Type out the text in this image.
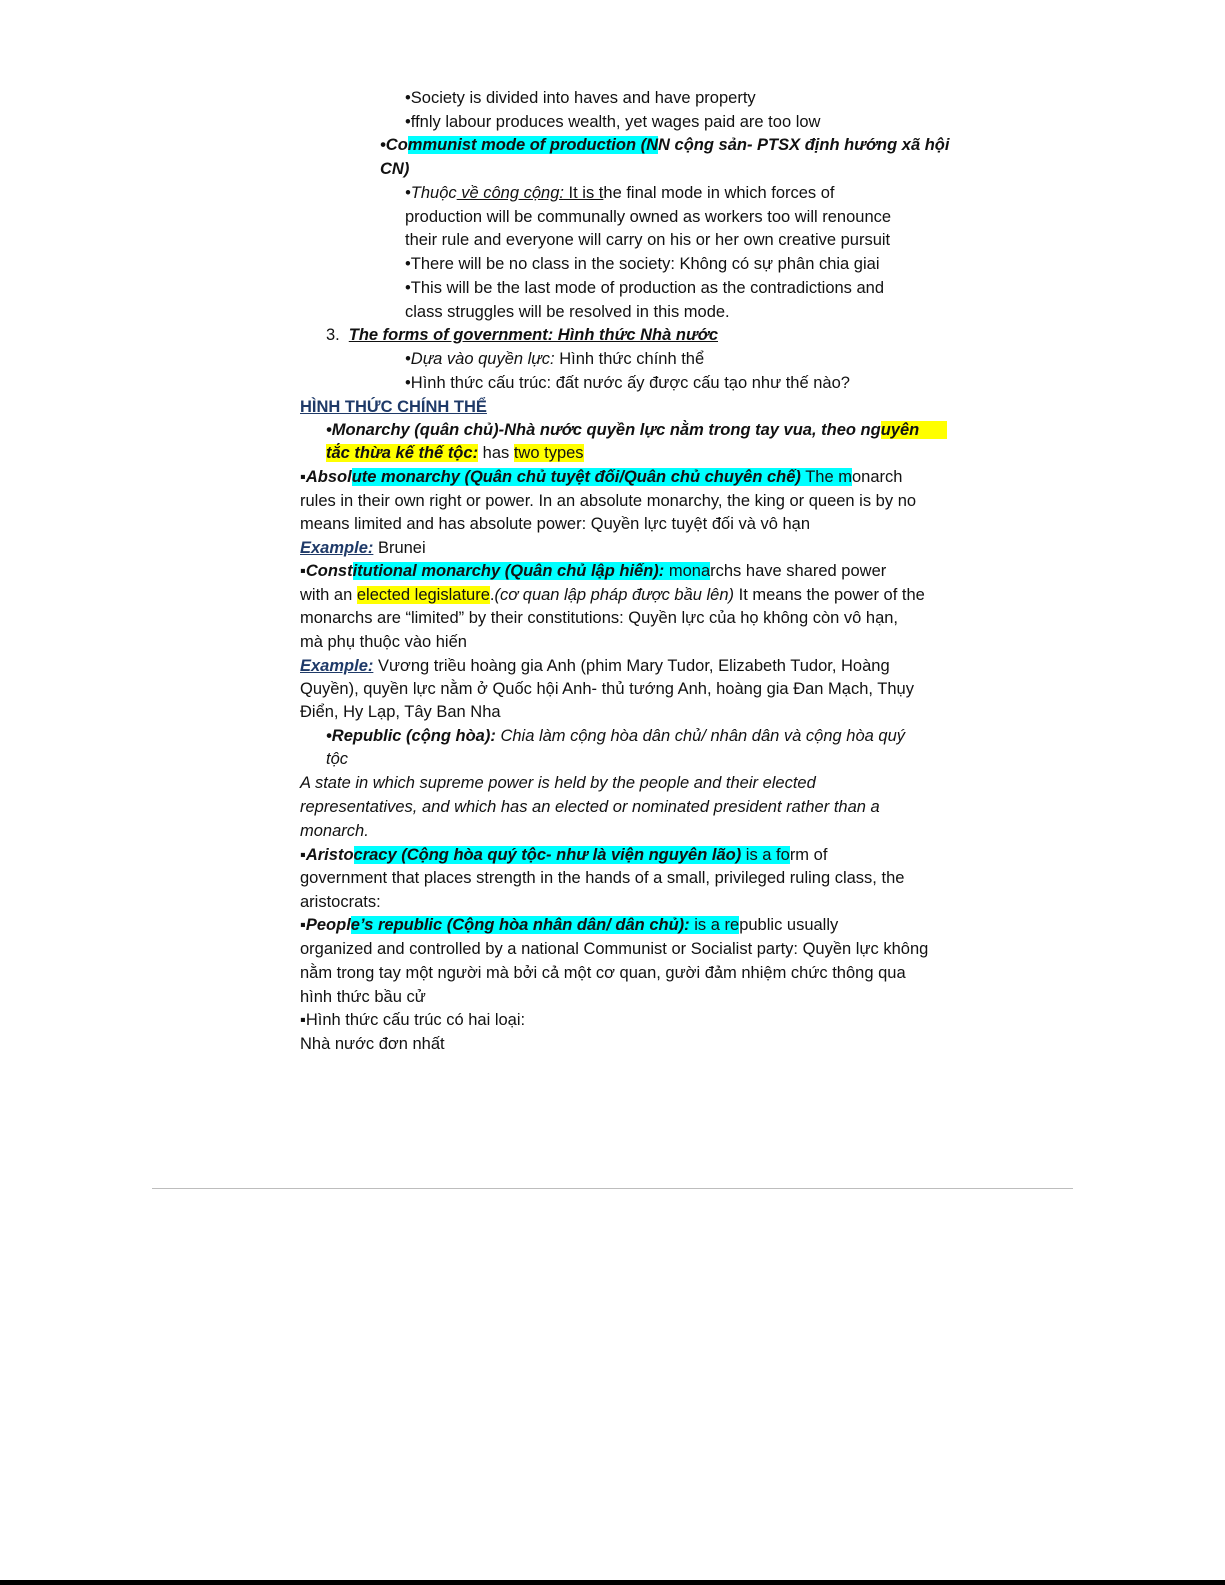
•Society is divided into haves and have property
•ffnly labour produces wealth, yet wages paid are too low
•Communist mode of production (NN cộng sản- PTSX định hướng xã hội
CN)
•Thuộc về công cộng: It is the final mode in which forces of
production will be communally owned as workers too will renounce
their rule and everyone will carry on his or her own creative pursuit
•There will be no class in the society: Không có sự phân chia giai
•This will be the last mode of production as the contradictions and
class struggles will be resolved in this mode.
3. The forms of government: Hình thức Nhà nước
•Dựa vào quyền lực: Hình thức chính thể
•Hình thức cấu trúc: đất nước ấy được cấu tạo như thế nào?
HÌNH THỨC CHÍNH THỂ
•Monarchy (quân chủ)-Nhà nước quyền lực nằm trong tay vua, theo nguyên
tắc thừa kế thế tộc: has two types
▪Absolute monarchy (Quân chủ tuyệt đối/Quân chủ chuyên chế) The monarch
rules in their own right or power. In an absolute monarchy, the king or queen is by no
means limited and has absolute power: Quyền lực tuyệt đối và vô hạn
Example: Brunei
▪Constitutional monarchy (Quân chủ lập hiến): monarchs have shared power
with an elected legislature.(cơ quan lập pháp được bầu lên) It means the power of the
monarchs are “limited” by their constitutions: Quyền lực của họ không còn vô hạn,
mà phụ thuộc vào hiến
Example: Vương triều hoàng gia Anh (phim Mary Tudor, Elizabeth Tudor, Hoàng
Quyền), quyền lực nằm ở Quốc hội Anh- thủ tướng Anh, hoàng gia Đan Mạch, Thụy
Điển, Hy Lạp, Tây Ban Nha
•Republic (cộng hòa): Chia làm cộng hòa dân chủ/ nhân dân và cộng hòa quý
tộc
A state in which supreme power is held by the people and their elected
representatives, and which has an elected or nominated president rather than a
monarch.
▪Aristocracy (Cộng hòa quý tộc- như là viện nguyên lão) is a form of
government that places strength in the hands of a small, privileged ruling class, the
aristocrats:
▪People’s republic (Cộng hòa nhân dân/ dân chủ): is a republic usually
organized and controlled by a national Communist or Socialist party: Quyền lực không
nằm trong tay một người mà bởi cả một cơ quan, gười đảm nhiệm chức thông qua
hình thức bầu cử
▪Hình thức cấu trúc có hai loại:
Nhà nước đơn nhất
